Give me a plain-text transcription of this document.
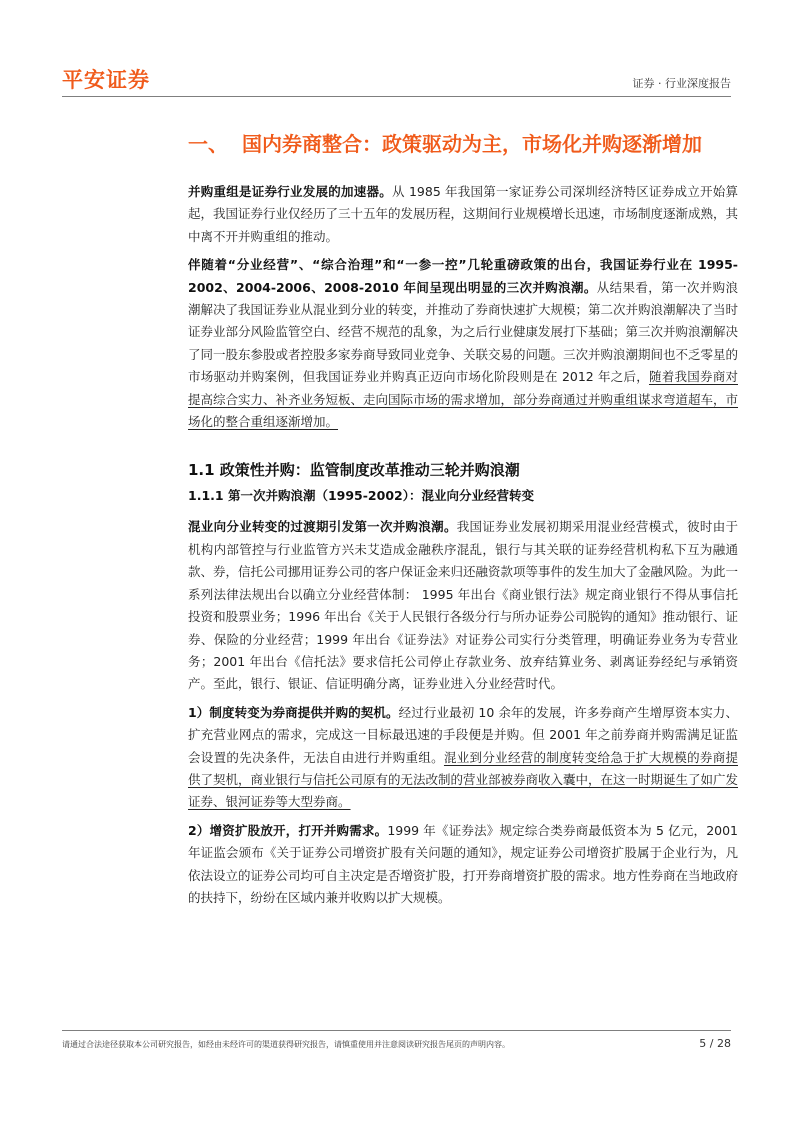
平安证券	证券 · 行业深度报告
一、 国内券商整合：政策驱动为主，市场化并购逐渐增加

并购重组是证券行业发展的加速器。从 1985 年我国第一家证券公司深圳经济特区证券成立开始算起，我国证券行业仅经历了三十五年的发展历程，这期间行业规模增长迅速，市场制度逐渐成熟，其中离不开并购重组的推动。

伴随着“分业经营”、“综合治理”和“一参一控”几轮重磅政策的出台，我国证券行业在 1995-2002、2004-2006、2008-2010 年间呈现出明显的三次并购浪潮。从结果看，第一次并购浪潮解决了我国证券业从混业到分业的转变，并推动了券商快速扩大规模；第二次并购浪潮解决了当时证券业部分风险监管空白、经营不规范的乱象，为之后行业健康发展打下基础；第三次并购浪潮解决了同一股东参股或者控股多家券商导致同业竞争、关联交易的问题。三次并购浪潮期间也不乏零星的市场驱动并购案例，但我国证券业并购真正迈向市场化阶段则是在 2012 年之后，随着我国券商对提高综合实力、补齐业务短板、走向国际市场的需求增加，部分券商通过并购重组谋求弯道超车，市场化的整合重组逐渐增加。

1.1 政策性并购：监管制度改革推动三轮并购浪潮
1.1.1 第一次并购浪潮（1995-2002）：混业向分业经营转变

混业向分业转变的过渡期引发第一次并购浪潮。我国证券业发展初期采用混业经营模式，彼时由于机构内部管控与行业监管方兴未艾造成金融秩序混乱，银行与其关联的证券经营机构私下互为融通款、券，信托公司挪用证券公司的客户保证金来归还融资款项等事件的发生加大了金融风险。为此一系列法律法规出台以确立分业经营体制： 1995 年出台《商业银行法》规定商业银行不得从事信托投资和股票业务；1996 年出台《关于人民银行各级分行与所办证券公司脱钩的通知》推动银行、证券、保险的分业经营；1999 年出台《证券法》对证券公司实行分类管理，明确证券业务为专营业务；2001 年出台《信托法》要求信托公司停止存款业务、放弃结算业务、剥离证券经纪与承销资产。至此，银行、银证、信证明确分离，证券业进入分业经营时代。

1）制度转变为券商提供并购的契机。经过行业最初 10 余年的发展，许多券商产生增厚资本实力、扩充营业网点的需求，完成这一目标最迅速的手段便是并购。但 2001 年之前券商并购需满足证监会设置的先决条件，无法自由进行并购重组。混业到分业经营的制度转变给急于扩大规模的券商提供了契机，商业银行与信托公司原有的无法改制的营业部被券商收入囊中，在这一时期诞生了如广发证券、银河证券等大型券商。

2）增资扩股放开，打开并购需求。1999 年《证券法》规定综合类券商最低资本为 5 亿元，2001 年证监会颁布《关于证券公司增资扩股有关问题的通知》，规定证券公司增资扩股属于企业行为，凡依法设立的证券公司均可自主决定是否增资扩股，打开券商增资扩股的需求。地方性券商在当地政府的扶持下，纷纷在区域内兼并收购以扩大规模。

请通过合法途径获取本公司研究报告，如经由未经许可的渠道获得研究报告，请慎重使用并注意阅读研究报告尾页的声明内容。	5 / 28
